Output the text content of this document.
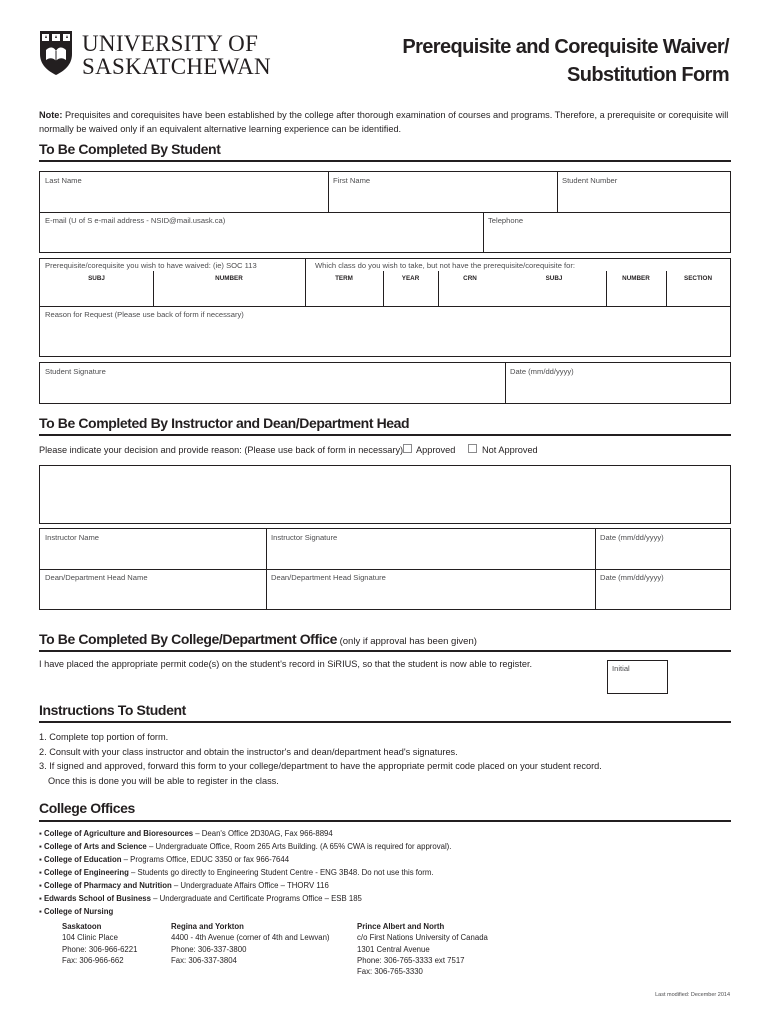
UNIVERSITY OF
SASKATCHEWAN
Prerequisite and Corequisite Waiver/
Substitution Form
Note: Prequisites and corequisites have been established by the college after thorough examination of courses and programs. Therefore, a prerequisite or corequisite will normally be waived only if an equivalent alternative learning experience can be identified.
To Be Completed By Student
Last Name	First Name	Student Number
E-mail (U of S e-mail address - NSID@mail.usask.ca)	Telephone
Prerequisite/corequisite you wish to have waived: (ie) SOC 113	Which class do you wish to take, but not have the prerequisite/corequisite for:
SUBJ	NUMBER	TERM	YEAR	CRN	SUBJ	NUMBER	SECTION
Reason for Request (Please use back of form if necessary)
Student Signature	Date (mm/dd/yyyy)
To Be Completed By Instructor and Dean/Department Head
Please indicate your decision and provide reason: (Please use back of form in necessary) Approved	Not Approved
Instructor Name	Instructor Signature	Date (mm/dd/yyyy)
Dean/Department Head Name	Dean/Department Head Signature	Date (mm/dd/yyyy)
To Be Completed By College/Department Office (only if approval has been given)
I have placed the appropriate permit code(s) on the student's record in SiRIUS, so that the student is now able to register.	Initial
Instructions To Student
1. Complete top portion of form.
2. Consult with your class instructor and obtain the instructor's and dean/department head's signatures.
3. If signed and approved, forward this form to your college/department to have the appropriate permit code placed on your student record.
Once this is done you will be able to register in the class.
College Offices
▪ College of Agriculture and Bioresources – Dean's Office 2D30AG, Fax 966-8894
▪ College of Arts and Science – Undergraduate Office, Room 265 Arts Building. (A 65% CWA is required for approval).
▪ College of Education – Programs Office, EDUC 3350 or fax 966-7644
▪ College of Engineering – Students go directly to Engineering Student Centre - ENG 3B48. Do not use this form.
▪ College of Pharmacy and Nutrition – Undergraduate Affairs Office – THORV 116
▪ Edwards School of Business – Undergraduate and Certificate Programs Office – ESB 185
▪ College of Nursing
Saskatoon
104 Clinic Place
Phone: 306-966-6221
Fax: 306-966-662
Regina and Yorkton
4400 - 4th Avenue (corner of 4th and Lewvan)
Phone: 306-337-3800
Fax: 306-337-3804
Prince Albert and North
c/o First Nations University of Canada
1301 Central Avenue
Phone: 306-765-3333 ext 7517
Fax: 306-765-3330
Last modified: December 2014
